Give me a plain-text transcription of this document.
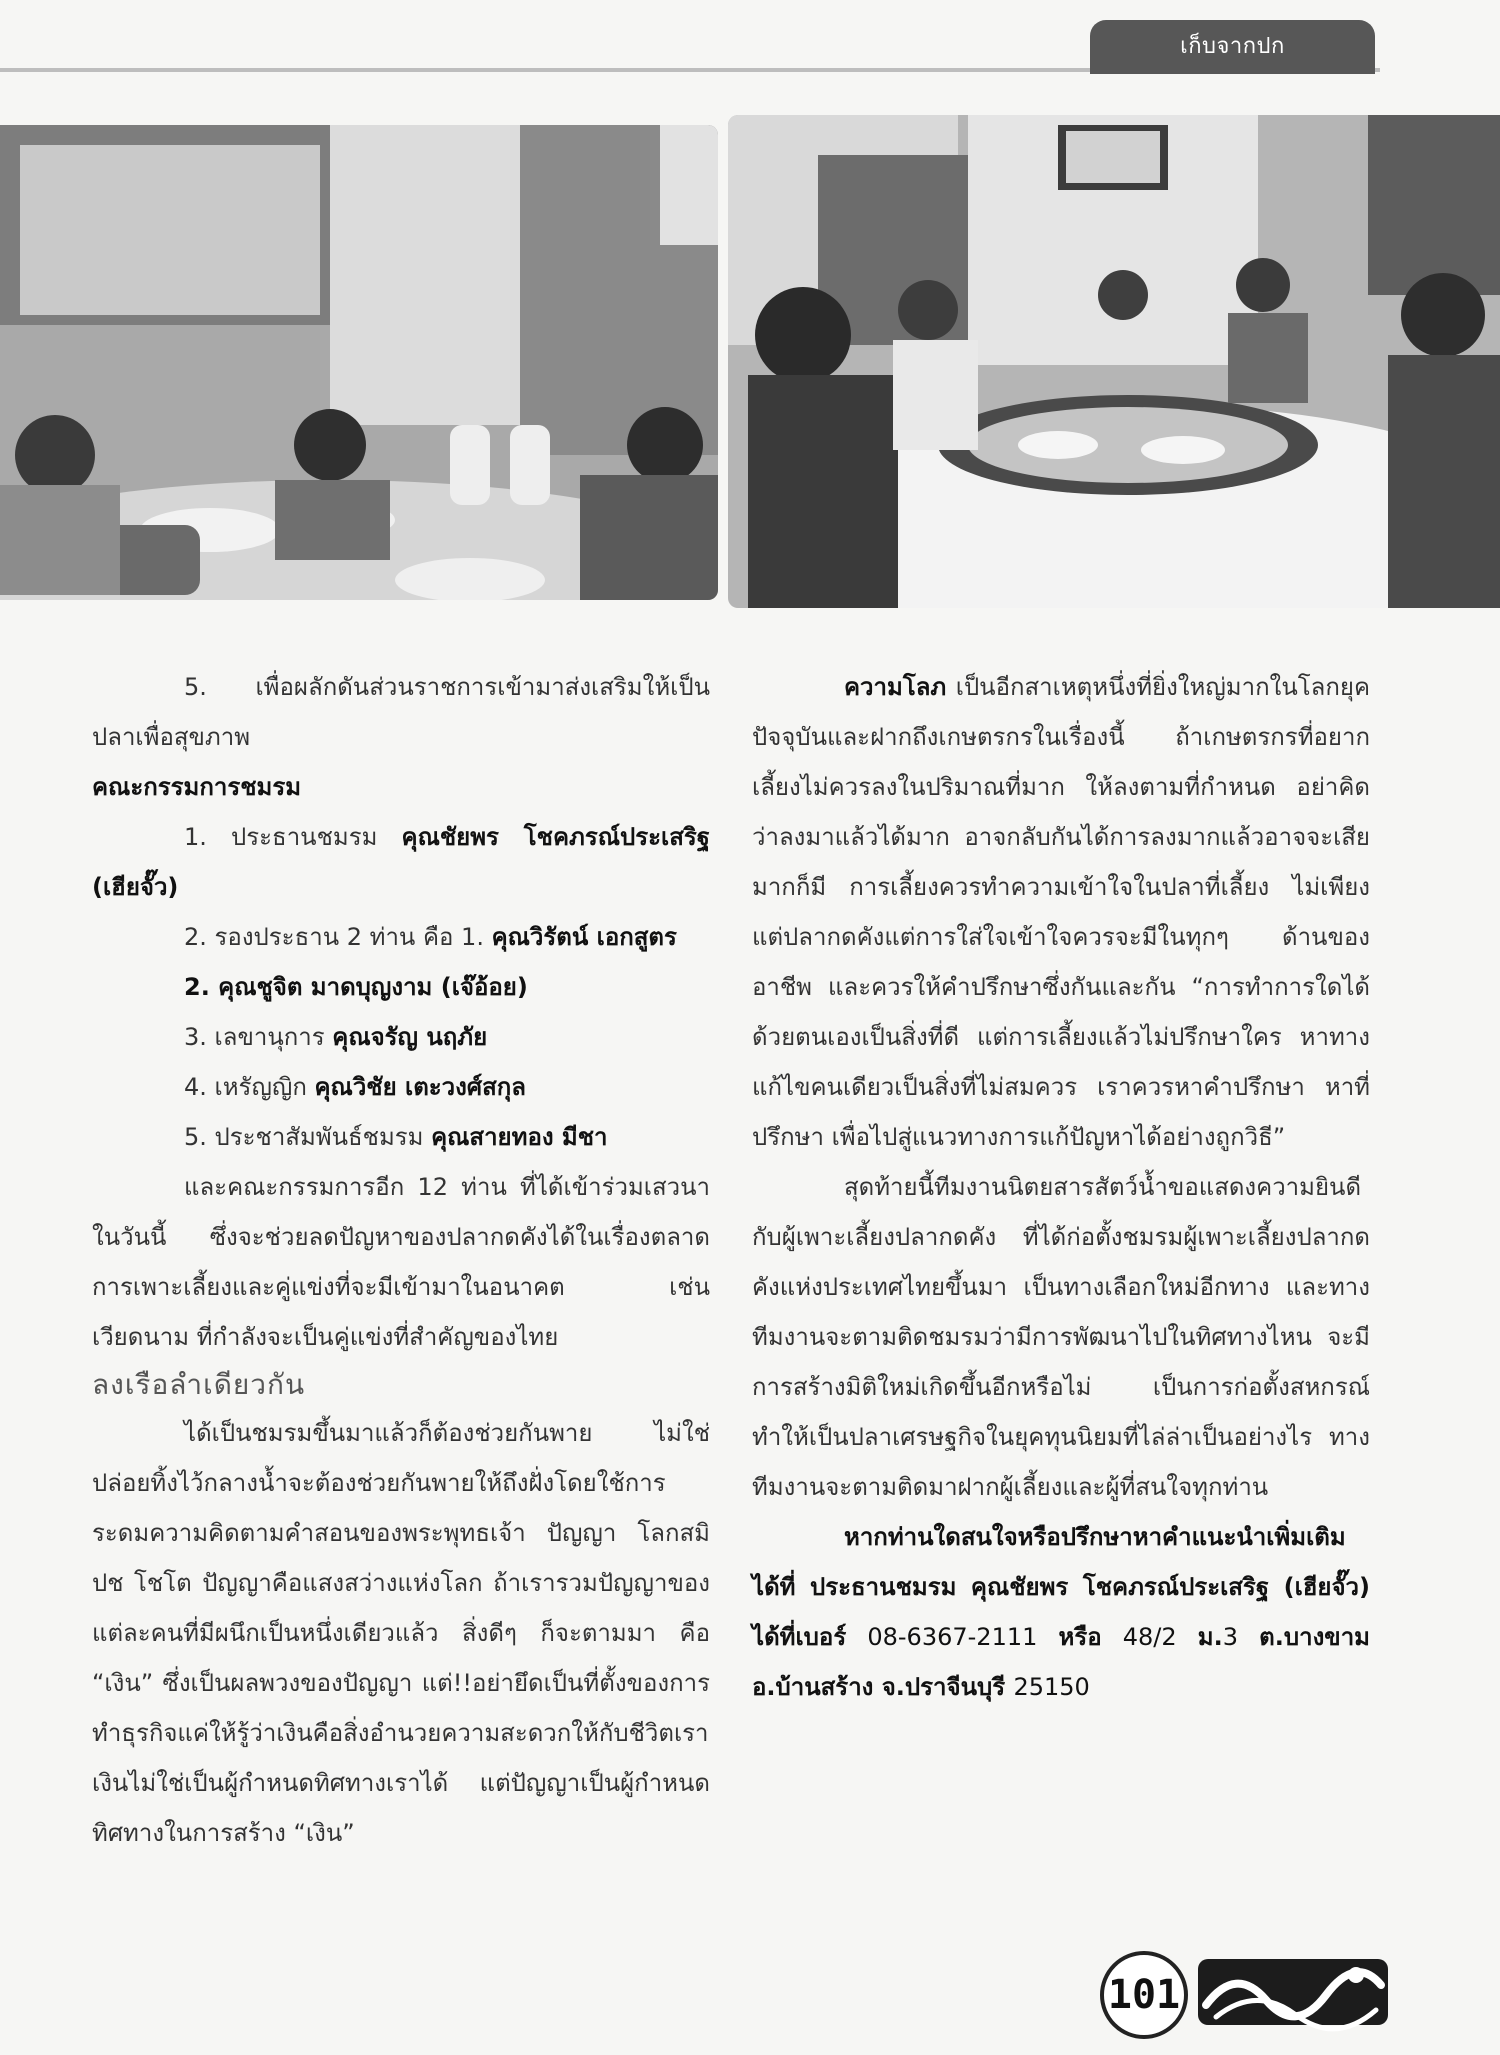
เก็บจากปก
5. เพื่อผลักดันส่วนราชการเข้ามาส่งเสริมให้เป็นปลาเพื่อสุขภาพ
คณะกรรมการชมรม
1. ประธานชมรม คุณชัยพร โชคภรณ์ประเสริฐ (เฮียจั๊ว)
2. รองประธาน 2 ท่าน คือ 1. คุณวิรัตน์ เอกสูตร
2. คุณชูจิต มาดบุญงาม (เจ๊อ้อย)
3. เลขานุการ คุณจรัญ นฤภัย
4. เหรัญญิก คุณวิชัย เตะวงศ์สกุล
5. ประชาสัมพันธ์ชมรม คุณสายทอง มีชา
และคณะกรรมการอีก 12 ท่าน ที่ได้เข้าร่วมเสวนาในวันนี้ ซึ่งจะช่วยลดปัญหาของปลากดคังได้ในเรื่องตลาด การเพาะเลี้ยงและคู่แข่งที่จะมีเข้ามาในอนาคต เช่น เวียดนาม ที่กำลังจะเป็นคู่แข่งที่สำคัญของไทย
ลงเรือลำเดียวกัน
ได้เป็นชมรมขึ้นมาแล้วก็ต้องช่วยกันพาย ไม่ใช่ปล่อยทิ้งไว้กลางน้ำจะต้องช่วยกันพายให้ถึงฝั่งโดยใช้การระดมความคิดตามคำสอนของพระพุทธเจ้า ปัญญา โลกสมิ ปช โชโต ปัญญาคือแสงสว่างแห่งโลก ถ้าเรารวมปัญญาของแต่ละคนที่มีผนึกเป็นหนึ่งเดียวแล้ว สิ่งดีๆ ก็จะตามมา คือ “เงิน” ซึ่งเป็นผลพวงของปัญญา แต่!!อย่ายึดเป็นที่ตั้งของการทำธุรกิจแค่ให้รู้ว่าเงินคือสิ่งอำนวยความสะดวกให้กับชีวิตเรา เงินไม่ใช่เป็นผู้กำหนดทิศทางเราได้ แต่ปัญญาเป็นผู้กำหนดทิศทางในการสร้าง “เงิน”
ความโลภ เป็นอีกสาเหตุหนึ่งที่ยิ่งใหญ่มากในโลกยุคปัจจุบันและฝากถึงเกษตรกรในเรื่องนี้ ถ้าเกษตรกรที่อยากเลี้ยงไม่ควรลงในปริมาณที่มาก ให้ลงตามที่กำหนด อย่าคิดว่าลงมาแล้วได้มาก อาจกลับกันได้การลงมากแล้วอาจจะเสียมากก็มี การเลี้ยงควรทำความเข้าใจในปลาที่เลี้ยง ไม่เพียงแต่ปลากดคังแต่การใส่ใจเข้าใจควรจะมีในทุกๆ ด้านของอาชีพ และควรให้คำปรึกษาซึ่งกันและกัน “การทำการใดได้ด้วยตนเองเป็นสิ่งที่ดี แต่การเลี้ยงแล้วไม่ปรึกษาใคร หาทางแก้ไขคนเดียวเป็นสิ่งที่ไม่สมควร เราควรหาคำปรึกษา หาที่ปรึกษา เพื่อไปสู่แนวทางการแก้ปัญหาได้อย่างถูกวิธี”
สุดท้ายนี้ทีมงานนิตยสารสัตว์น้ำขอแสดงความยินดีกับผู้เพาะเลี้ยงปลากดคัง ที่ได้ก่อตั้งชมรมผู้เพาะเลี้ยงปลากดคังแห่งประเทศไทยขึ้นมา เป็นทางเลือกใหม่อีกทาง และทางทีมงานจะตามติดชมรมว่ามีการพัฒนาไปในทิศทางไหน จะมีการสร้างมิติใหม่เกิดขึ้นอีกหรือไม่ เป็นการก่อตั้งสหกรณ์ทำให้เป็นปลาเศรษฐกิจในยุคทุนนิยมที่ไล่ล่าเป็นอย่างไร ทางทีมงานจะตามติดมาฝากผู้เลี้ยงและผู้ที่สนใจทุกท่าน
หากท่านใดสนใจหรือปรึกษาหาคำแนะนำเพิ่มเติมได้ที่ ประธานชมรม คุณชัยพร โชคภรณ์ประเสริฐ (เฮียจั๊ว) ได้ที่เบอร์ 08-6367-2111 หรือ 48/2 ม.3 ต.บางขาม อ.บ้านสร้าง จ.ปราจีนบุรี 25150
101
